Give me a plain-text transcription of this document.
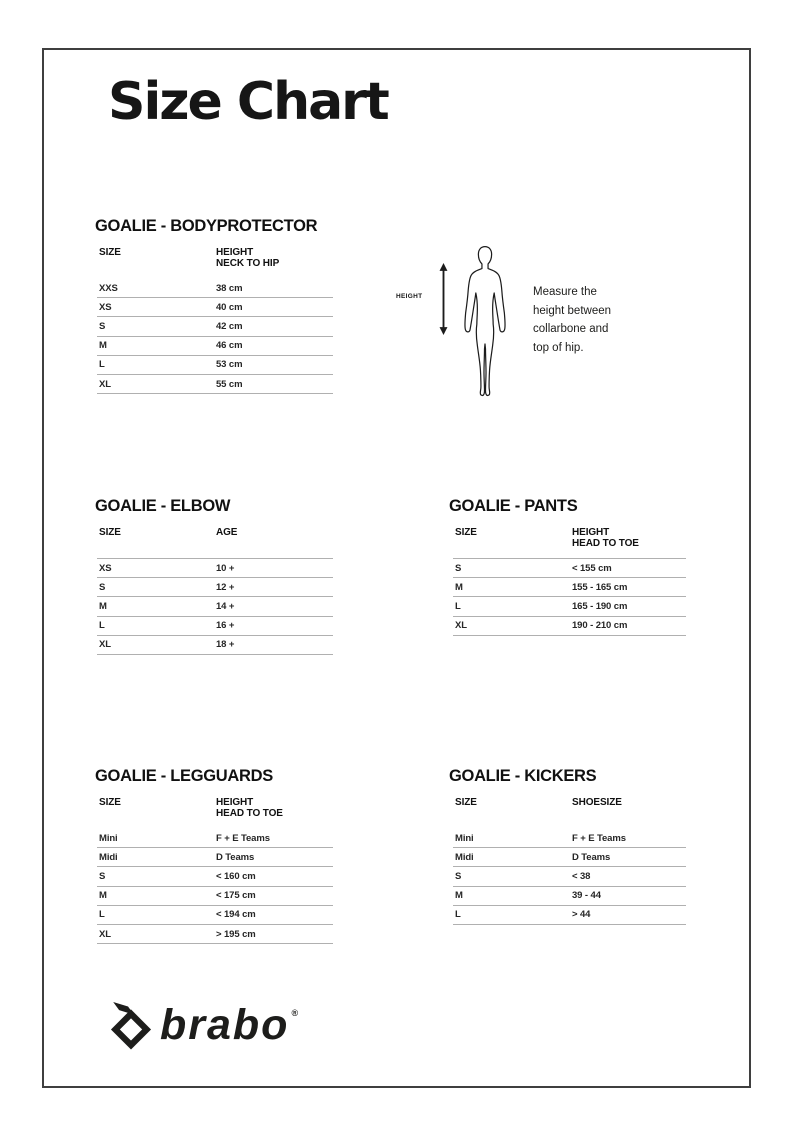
Size Chart
GOALIE - BODYPROTECTOR
SIZE	HEIGHT
NECK TO HIP
XXS	38 cm
XS	40 cm
S	42 cm
M	46 cm
L	53 cm
XL	55 cm
HEIGHT	Measure the
height between
collarbone and
top of hip.
GOALIE - ELBOW
SIZE	AGE
XS	10 +
S	12 +
M	14 +
L	16 +
XL	18 +
GOALIE - PANTS
SIZE	HEIGHT
HEAD TO TOE
S	< 155 cm
M	155 - 165 cm
L	165 - 190 cm
XL	190 - 210 cm
GOALIE - LEGGUARDS
SIZE	HEIGHT
HEAD TO TOE
Mini	F + E Teams
Midi	D Teams
S	< 160 cm
M	< 175 cm
L	< 194 cm
XL	> 195 cm
GOALIE - KICKERS
SIZE	SHOESIZE
Mini	F + E Teams
Midi	D Teams
S	< 38
M	39 - 44
L	> 44
brabo ®
